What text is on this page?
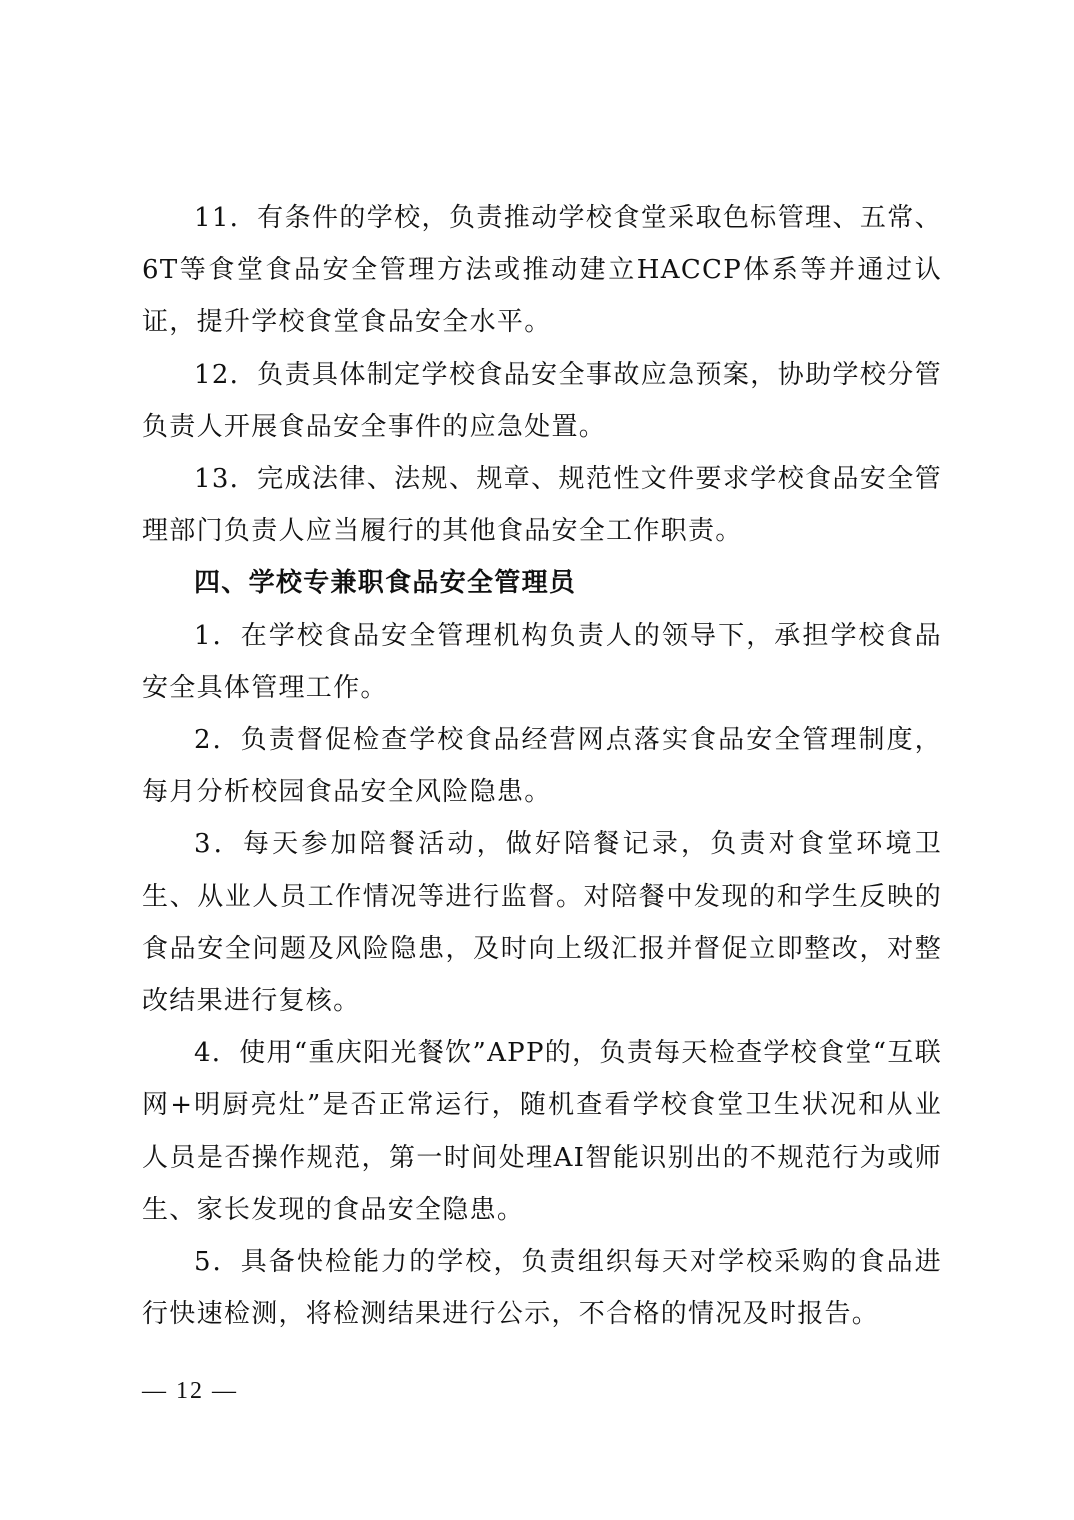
11．有条件的学校，负责推动学校食堂采取色标管理、五常、6T等食堂食品安全管理方法或推动建立HACCP体系等并通过认证，提升学校食堂食品安全水平。

12．负责具体制定学校食品安全事故应急预案，协助学校分管负责人开展食品安全事件的应急处置。

13．完成法律、法规、规章、规范性文件要求学校食品安全管理部门负责人应当履行的其他食品安全工作职责。

四、学校专兼职食品安全管理员

1．在学校食品安全管理机构负责人的领导下，承担学校食品安全具体管理工作。

2．负责督促检查学校食品经营网点落实食品安全管理制度，每月分析校园食品安全风险隐患。

3．每天参加陪餐活动，做好陪餐记录，负责对食堂环境卫生、从业人员工作情况等进行监督。对陪餐中发现的和学生反映的食品安全问题及风险隐患，及时向上级汇报并督促立即整改，对整改结果进行复核。

4．使用“重庆阳光餐饮”APP的，负责每天检查学校食堂“互联网+明厨亮灶”是否正常运行，随机查看学校食堂卫生状况和从业人员是否操作规范，第一时间处理AI智能识别出的不规范行为或师生、家长发现的食品安全隐患。

5．具备快检能力的学校，负责组织每天对学校采购的食品进行快速检测，将检测结果进行公示，不合格的情况及时报告。

— 12 —
